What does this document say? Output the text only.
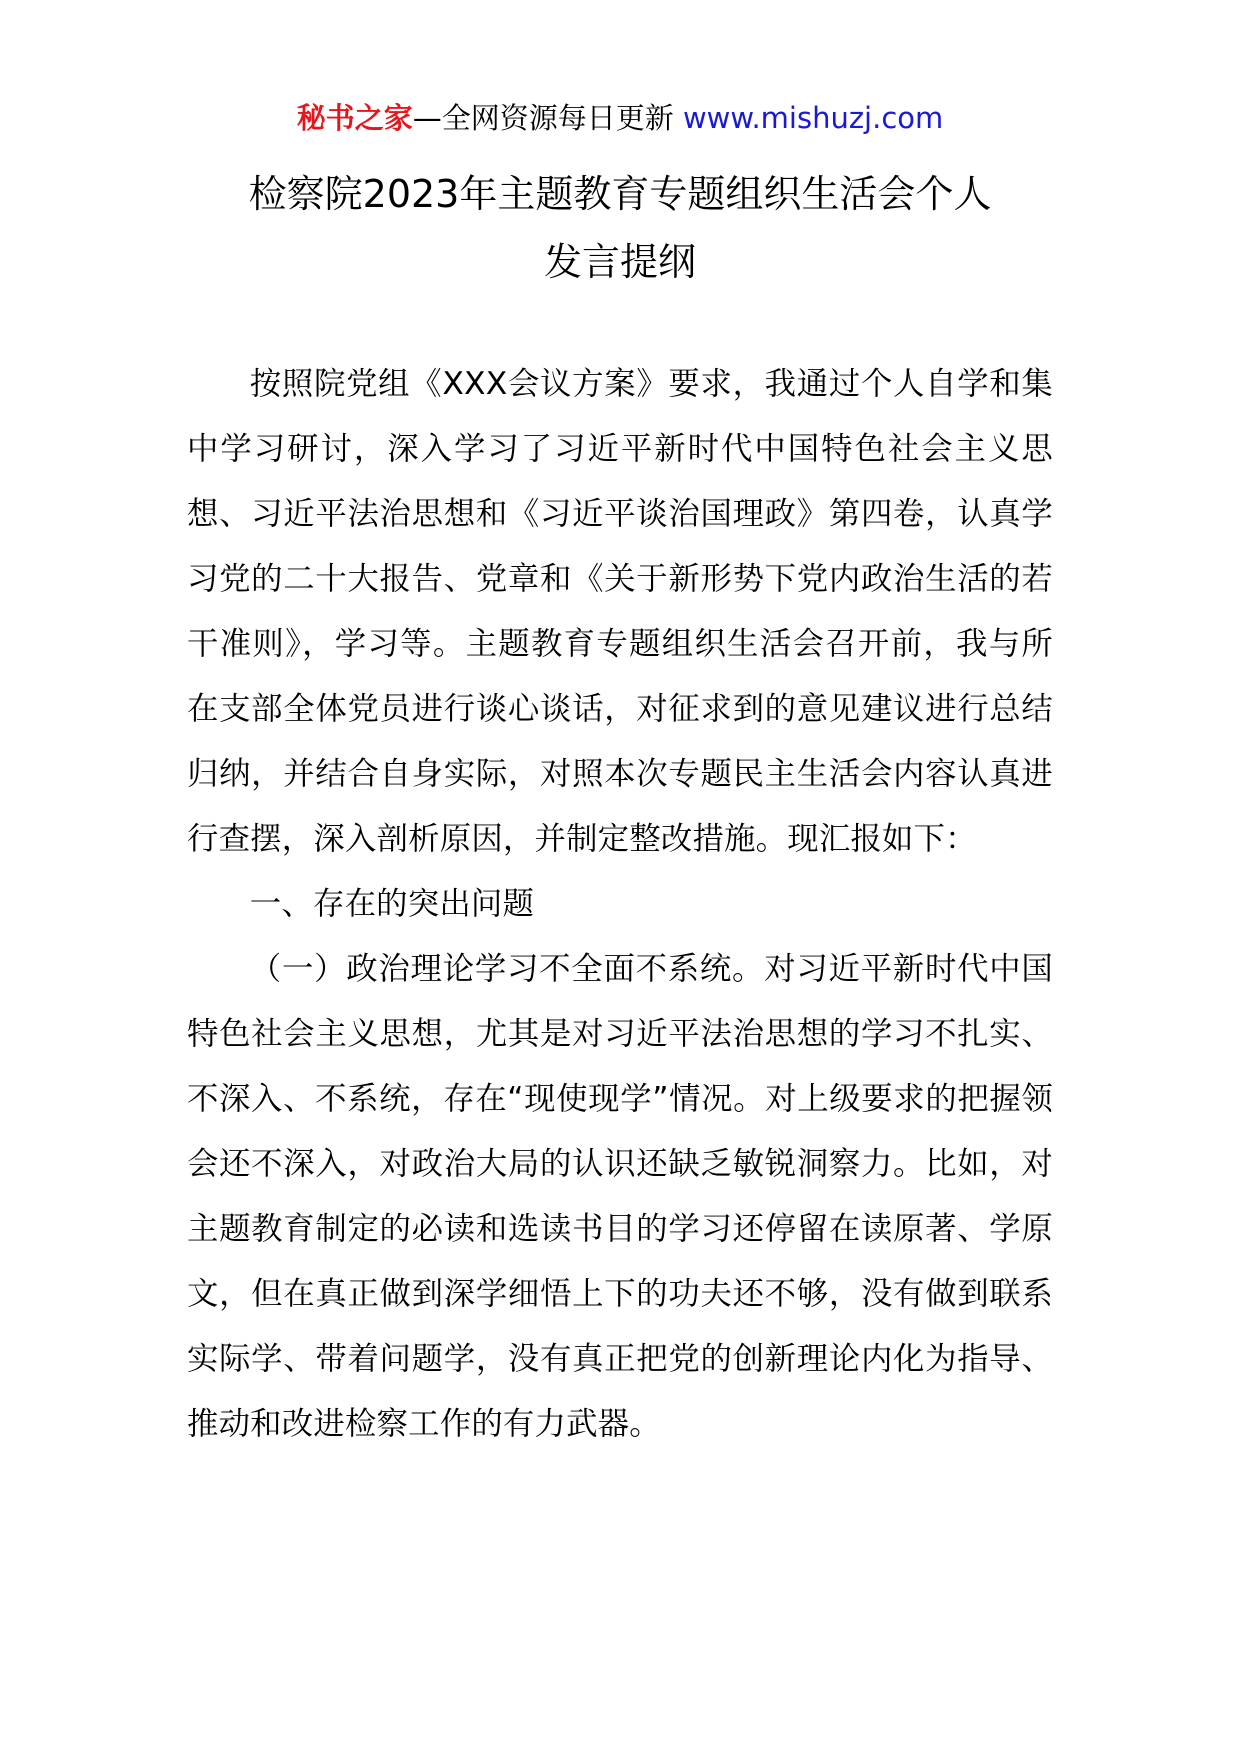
秘书之家—全网资源每日更新 www.mishuzj.com
检察院2023年主题教育专题组织生活会个人
发言提纲

按照院党组《XXX会议方案》要求，我通过个人自学和集中学习研讨，深入学习了习近平新时代中国特色社会主义思想、习近平法治思想和《习近平谈治国理政》第四卷，认真学习党的二十大报告、党章和《关于新形势下党内政治生活的若干准则》，学习等。主题教育专题组织生活会召开前，我与所在支部全体党员进行谈心谈话，对征求到的意见建议进行总结归纳，并结合自身实际，对照本次专题民主生活会内容认真进行查摆，深入剖析原因，并制定整改措施。现汇报如下：

一、存在的突出问题

（一）政治理论学习不全面不系统。对习近平新时代中国特色社会主义思想，尤其是对习近平法治思想的学习不扎实、不深入、不系统，存在“现使现学”情况。对上级要求的把握领会还不深入，对政治大局的认识还缺乏敏锐洞察力。比如，对主题教育制定的必读和选读书目的学习还停留在读原著、学原文，但在真正做到深学细悟上下的功夫还不够，没有做到联系实际学、带着问题学，没有真正把党的创新理论内化为指导、推动和改进检察工作的有力武器。
